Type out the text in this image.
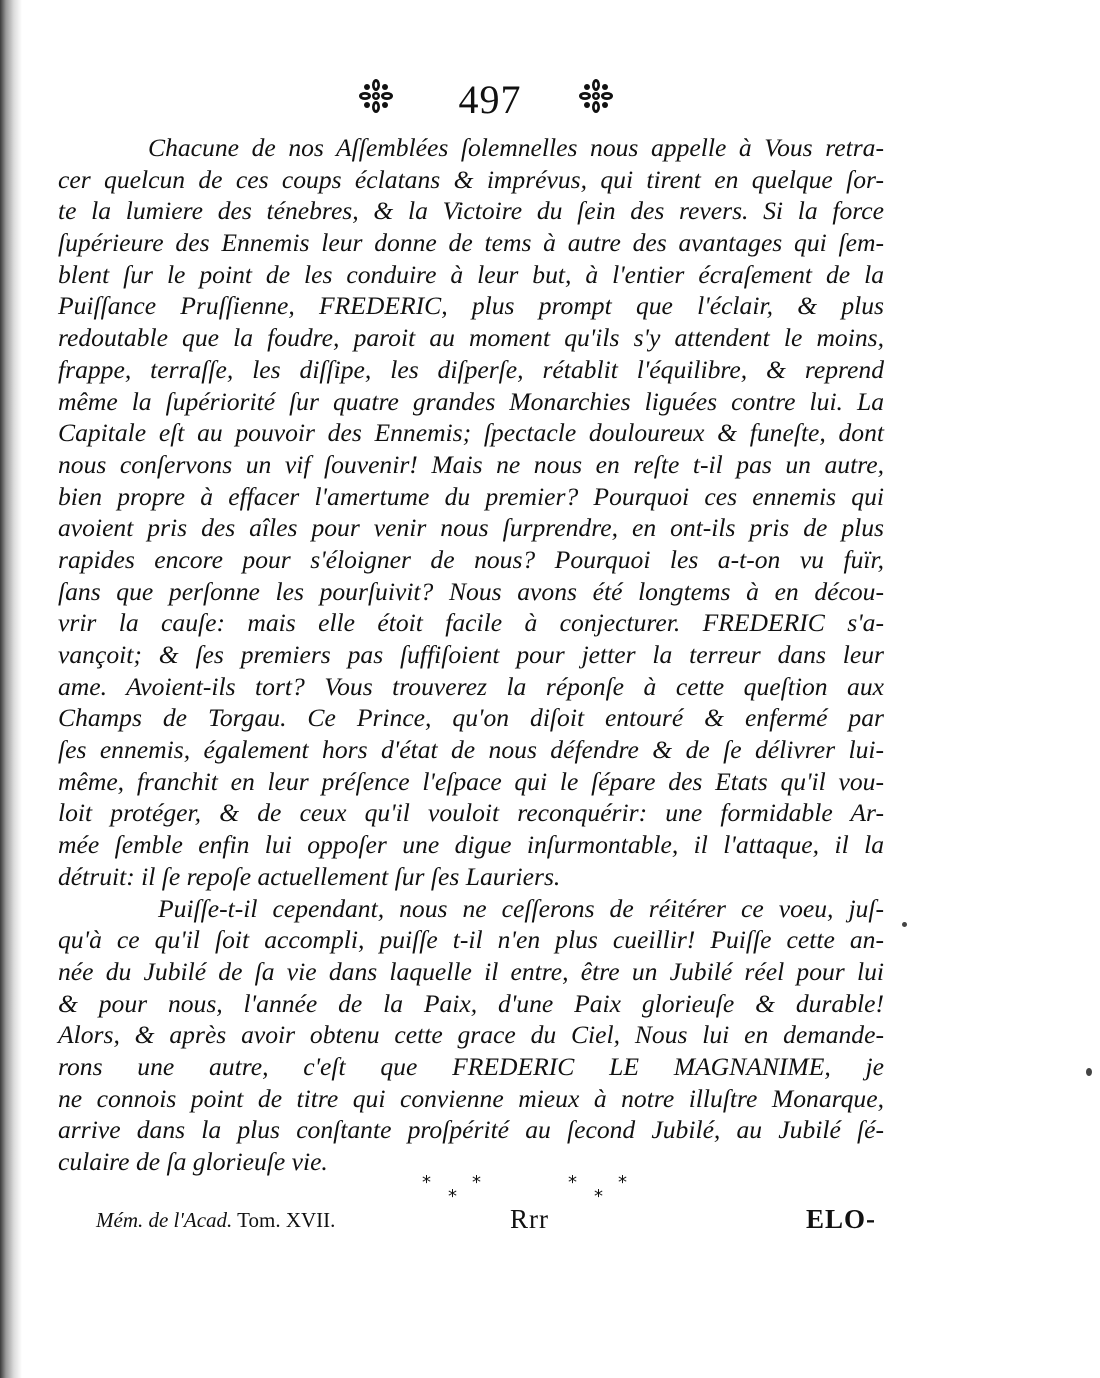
497
Chacune de nos Aſſemblées ſolemnelles nous appelle à Vous retra-
cer quelcun de ces coups éclatans & imprévus, qui tirent en quelque ſor-
te la lumiere des ténebres, & la Victoire du ſein des revers. Si la force
ſupérieure des Ennemis leur donne de tems à autre des avantages qui ſem-
blent ſur le point de les conduire à leur but, à l'entier écraſement de la
Puiſſance Pruſſienne, FREDERIC, plus prompt que l'éclair, & plus
redoutable que la foudre, paroit au moment qu'ils s'y attendent le moins,
frappe, terraſſe, les diſſipe, les diſperſe, rétablit l'équilibre, & reprend
même la ſupériorité ſur quatre grandes Monarchies liguées contre lui. La
Capitale eſt au pouvoir des Ennemis; ſpectacle douloureux & funeſte, dont
nous conſervons un vif ſouvenir! Mais ne nous en reſte t-il pas un autre,
bien propre à effacer l'amertume du premier? Pourquoi ces ennemis qui
avoient pris des aîles pour venir nous ſurprendre, en ont-ils pris de plus
rapides encore pour s'éloigner de nous? Pourquoi les a-t-on vu fuïr,
ſans que perſonne les pourſuivit? Nous avons été longtems à en décou-
vrir la cauſe: mais elle étoit facile à conjecturer. FREDERIC s'a-
vançoit; & ſes premiers pas ſuffiſoient pour jetter la terreur dans leur
ame. Avoient-ils tort? Vous trouverez la réponſe à cette queſtion aux
Champs de Torgau. Ce Prince, qu'on diſoit entouré & enfermé par
ſes ennemis, également hors d'état de nous défendre & de ſe délivrer lui-
même, franchit en leur préſence l'eſpace qui le ſépare des Etats qu'il vou-
loit protéger, & de ceux qu'il vouloit reconquérir: une formidable Ar-
mée ſemble enfin lui oppoſer une digue inſurmontable, il l'attaque, il la
détruit: il ſe repoſe actuellement ſur ſes Lauriers.
Puiſſe-t-il cependant, nous ne ceſſerons de réitérer ce voeu, juſ-
qu'à ce qu'il ſoit accompli, puiſſe t-il n'en plus cueillir! Puiſſe cette an-
née du Jubilé de ſa vie dans laquelle il entre, être un Jubilé réel pour lui
& pour nous, l'année de la Paix, d'une Paix glorieuſe & durable!
Alors, & après avoir obtenu cette grace du Ciel, Nous lui en demande-
rons une autre, c'eſt que FREDERIC LE MAGNANIME, je
ne connois point de titre qui convienne mieux à notre illuſtre Monarque,
arrive dans la plus conſtante proſpérité au ſecond Jubilé, au Jubilé ſé-
culaire de ſa glorieuſe vie.
* *	* *
*	*
Mém. de l'Acad. Tom. XVII.	Rrr	ELO-
